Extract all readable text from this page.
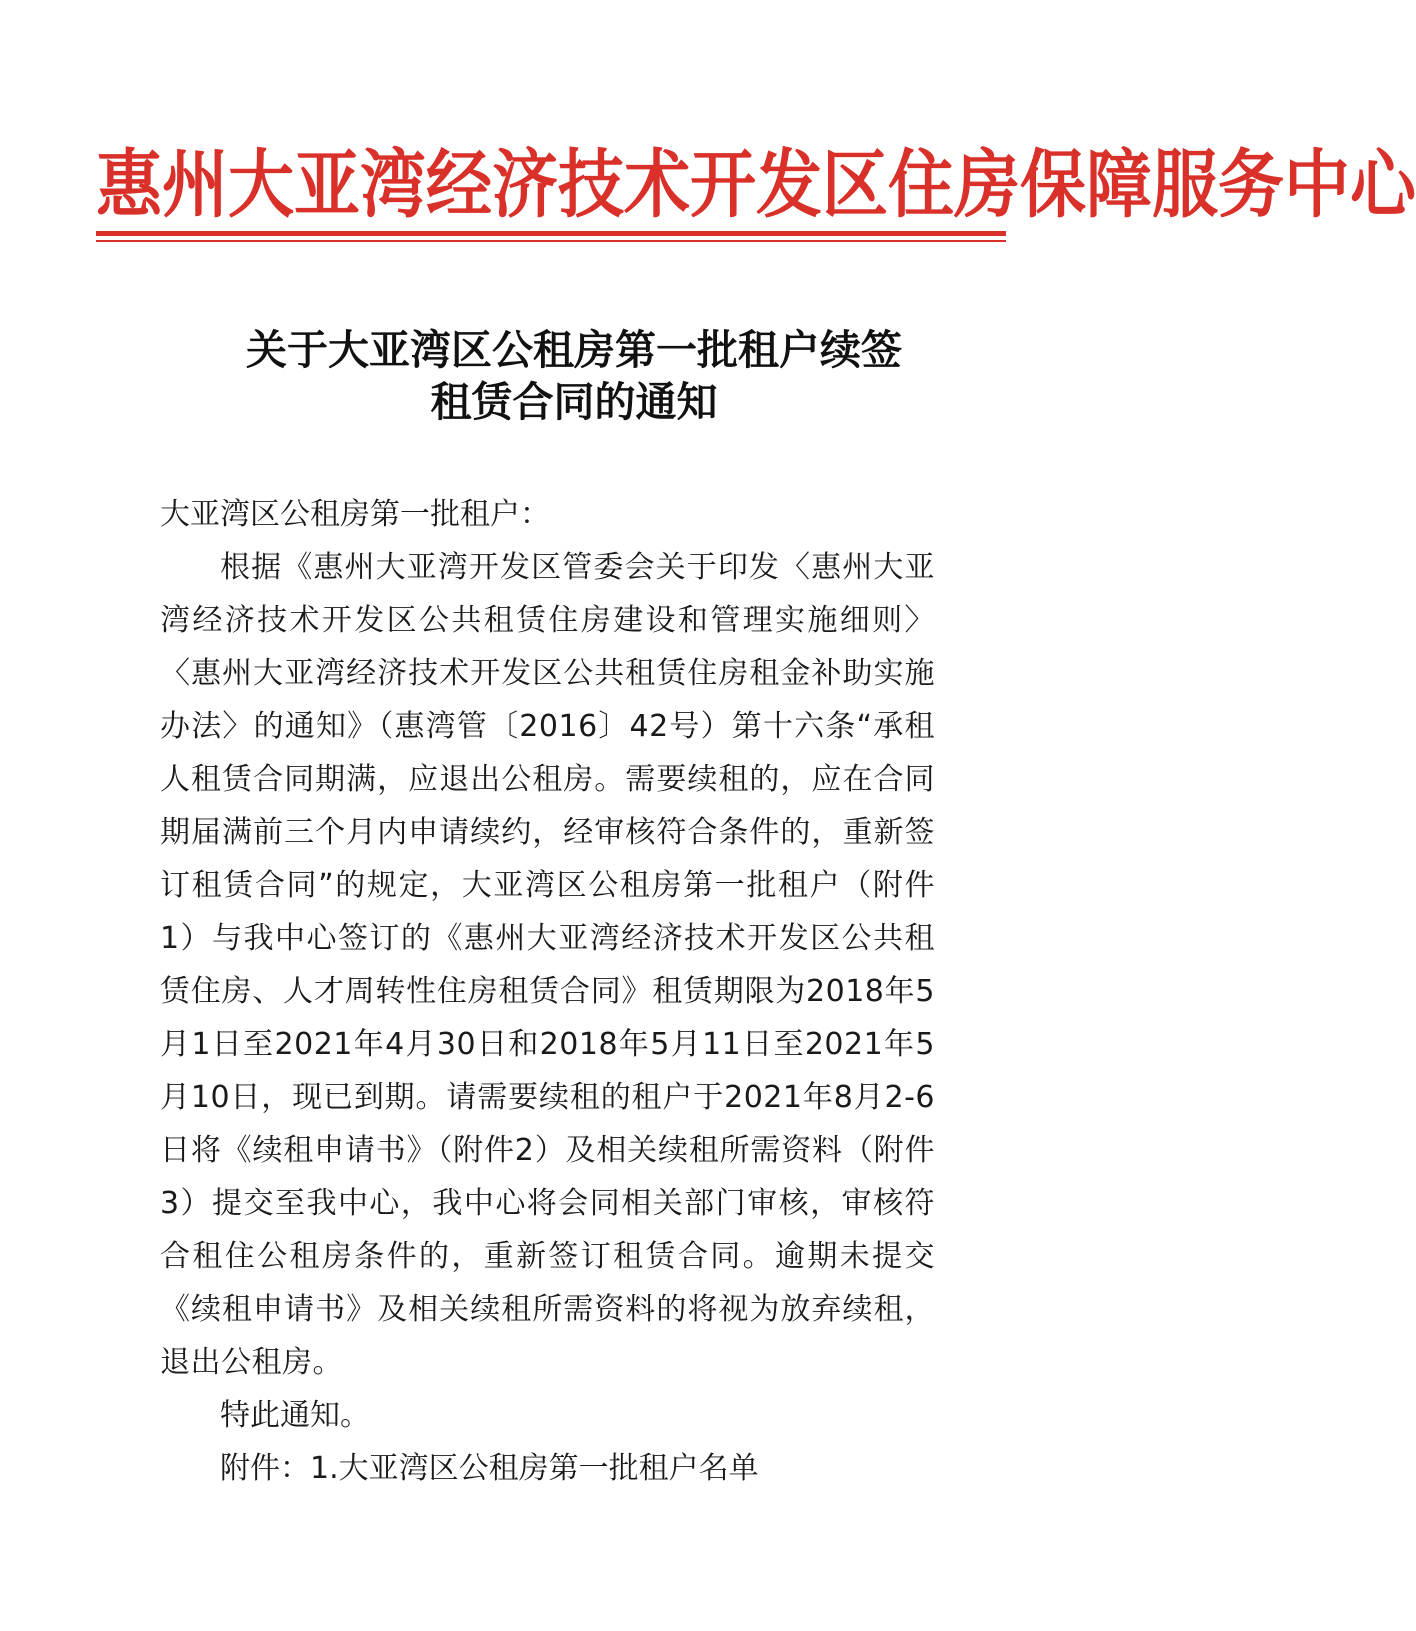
惠 州 大 亚 湾 经 济 技 术 开 发 区 住 房 保 障 服 务 中 心
关于大亚湾区公租房第一批租户续签
租赁合同的通知

大亚湾区公租房第一批租户：

根据《惠州大亚湾开发区管委会关于印发〈惠州大亚湾经济技术开发区公共租赁住房建设和管理实施细则〉〈惠州大亚湾经济技术开发区公共租赁住房租金补助实施办法〉的通知》（惠湾管〔2016〕42号）第十六条“承租人租赁合同期满，应退出公租房。需要续租的，应在合同期届满前三个月内申请续约，经审核符合条件的，重新签订租赁合同”的规定，大亚湾区公租房第一批租户（附件1）与我中心签订的《惠州大亚湾经济技术开发区公共租赁住房、人才周转性住房租赁合同》租赁期限为2018年5月1日至2021年4月30日和2018年5月11日至2021年5月10日，现已到期。请需要续租的租户于2021年8月2-6日将《续租申请书》（附件2）及相关续租所需资料（附件3）提交至我中心，我中心将会同相关部门审核，审核符合租住公租房条件的，重新签订租赁合同。逾期未提交《续租申请书》及相关续租所需资料的将视为放弃续租，退出公租房。

特此通知。

附件：1.大亚湾区公租房第一批租户名单
